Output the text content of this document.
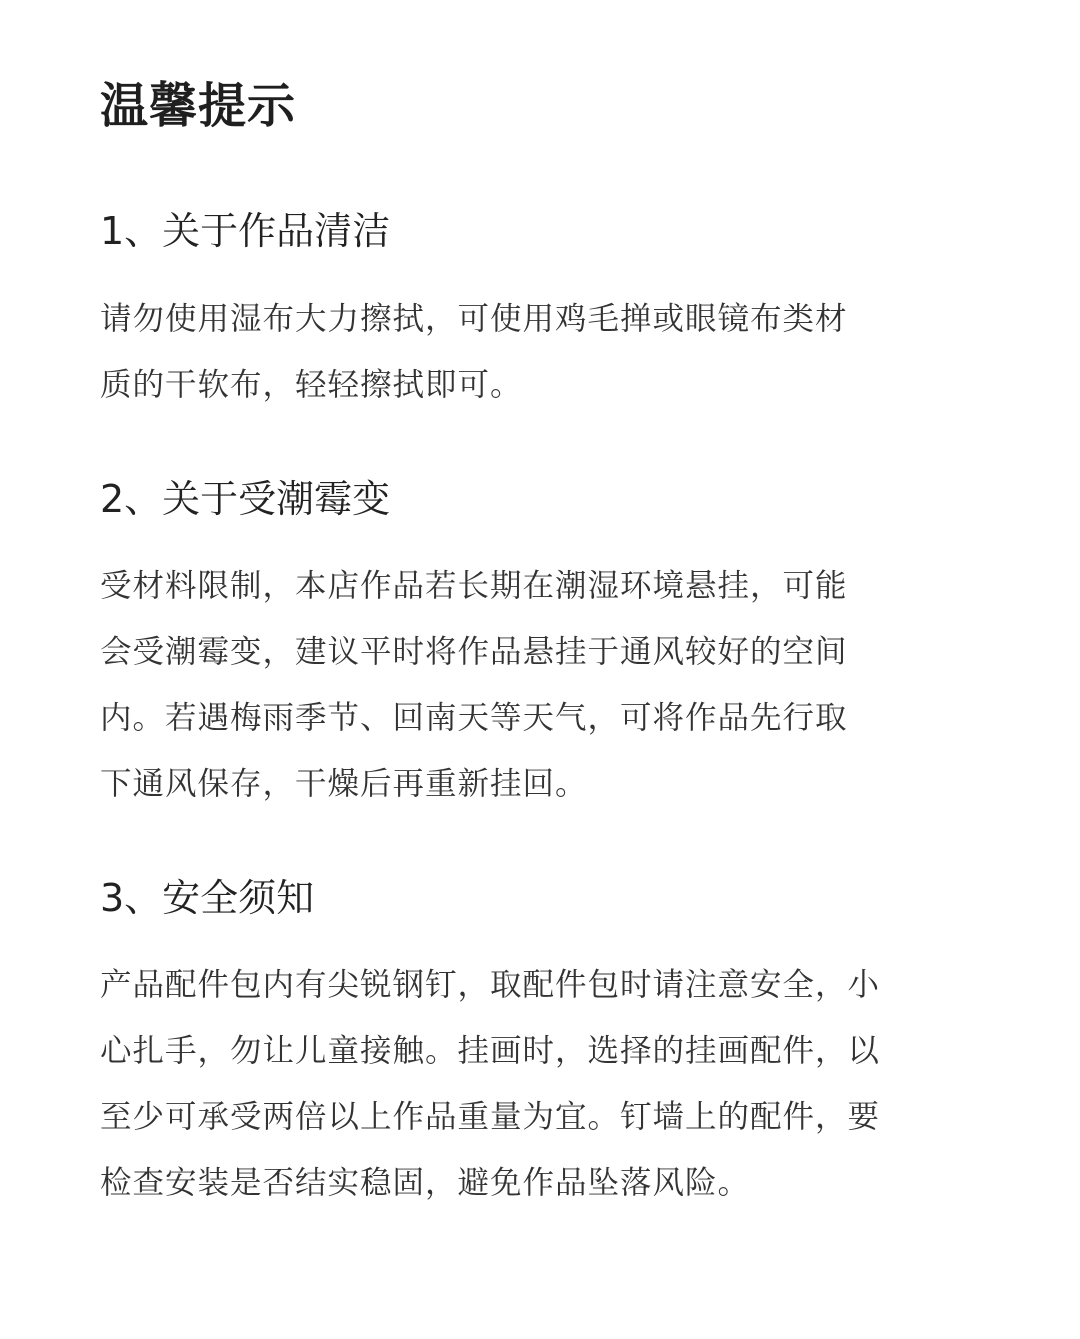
温馨提示
1、关于作品清洁

请勿使用湿布大力擦拭，可使用鸡毛掸或眼镜布类材
质的干软布，轻轻擦拭即可。

2、关于受潮霉变

受材料限制，本店作品若长期在潮湿环境悬挂，可能
会受潮霉变，建议平时将作品悬挂于通风较好的空间
内。若遇梅雨季节、回南天等天气，可将作品先行取
下通风保存，干燥后再重新挂回。

3、安全须知

产品配件包内有尖锐钢钉，取配件包时请注意安全，小
心扎手，勿让儿童接触。挂画时，选择的挂画配件，以
至少可承受两倍以上作品重量为宜。钉墙上的配件，要
检查安装是否结实稳固，避免作品坠落风险。
